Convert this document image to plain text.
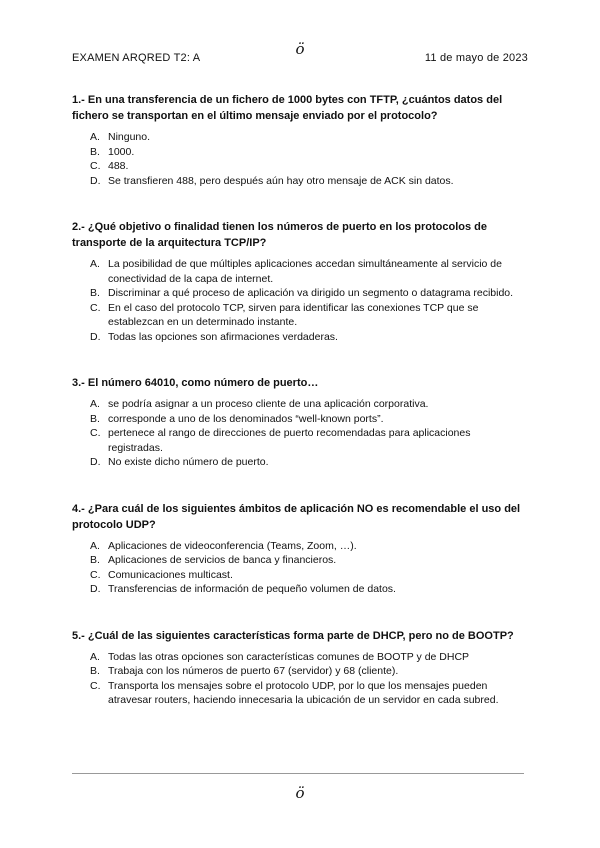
EXAMEN ARQRED T2: A	11 de mayo de 2023
ö

1.- En una transferencia de un fichero de 1000 bytes con TFTP, ¿cuántos datos del fichero se transportan en el último mensaje enviado por el protocolo?

A. Ninguno.
B. 1000.
C. 488.
D. Se transfieren 488, pero después aún hay otro mensaje de ACK sin datos.

2.- ¿Qué objetivo o finalidad tienen los números de puerto en los protocolos de transporte de la arquitectura TCP/IP?

A. La posibilidad de que múltiples aplicaciones accedan simultáneamente al servicio de conectividad de la capa de internet.
B. Discriminar a qué proceso de aplicación va dirigido un segmento o datagrama recibido.
C. En el caso del protocolo TCP, sirven para identificar las conexiones TCP que se establezcan en un determinado instante.
D. Todas las opciones son afirmaciones verdaderas.

3.- El número 64010, como número de puerto…

A. se podría asignar a un proceso cliente de una aplicación corporativa.
B. corresponde a uno de los denominados “well-known ports”.
C. pertenece al rango de direcciones de puerto recomendadas para aplicaciones registradas.
D. No existe dicho número de puerto.

4.- ¿Para cuál de los siguientes ámbitos de aplicación NO es recomendable el uso del protocolo UDP?

A. Aplicaciones de videoconferencia (Teams, Zoom, …).
B. Aplicaciones de servicios de banca y financieros.
C. Comunicaciones multicast.
D. Transferencias de información de pequeño volumen de datos.

5.- ¿Cuál de las siguientes características forma parte de DHCP, pero no de BOOTP?

A. Todas las otras opciones son características comunes de BOOTP y de DHCP
B. Trabaja con los números de puerto 67 (servidor) y 68 (cliente).
C. Transporta los mensajes sobre el protocolo UDP, por lo que los mensajes pueden atravesar routers, haciendo innecesaria la ubicación de un servidor en cada subred.
ö
